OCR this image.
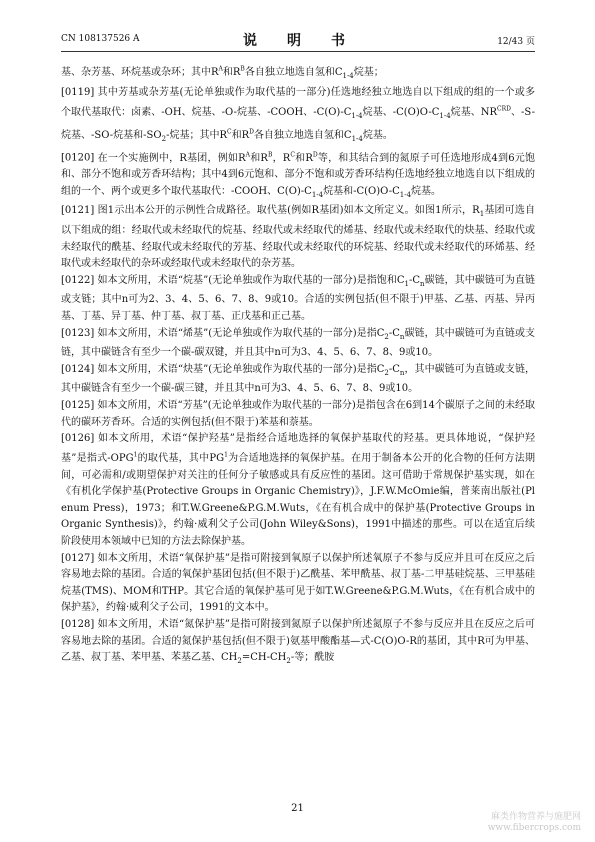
CN 108137526 A	说　明　书	12/43 页

基、杂芳基、环烷基或杂环；其中$R^A$和$R^B$各自独立地选自氢和$C_{1-4}$烷基；

[0119] 其中芳基或杂芳基(无论单独或作为取代基的一部分)任选地经独立地选自以下组成的组的一个或多个取代基取代：卤素、-OH、烷基、-O-烷基、-COOH、$-C(O)-C_{1-4}$烷基、$-C(O)O-C_{1-4}$烷基、$NR^{CRD}$、-S-烷基、-SO-烷基和$-SO_2-$烷基；其中$R^C$和$R^D$各自独立地选自氢和$C_{1-4}$烷基。

[0120] 在一个实施例中，R基团，例如$R^A$和$R^B$，$R^C$和$R^D$等，和其结合到的氮原子可任选地形成4到6元饱和、部分不饱和或芳香环结构；其中4到6元饱和、部分不饱和或芳香环结构任选地经独立地选自以下组成的组的一个、两个或更多个取代基取代：-COOH、$C(O)-C_{1-4}$烷基和$-C(O)O-C_{1-4}$烷基。

[0121] 图1示出本公开的示例性合成路径。取代基(例如R基团)如本文所定义。如图1所示，$R_1$基团可选自以下组成的组：经取代或未经取代的烷基、经取代或未经取代的烯基、经取代或未经取代的炔基、经取代或未经取代的酰基、经取代或未经取代的芳基、经取代或未经取代的环烷基、经取代或未经取代的环烯基、经取代或未经取代的杂环或经取代或未经取代的杂芳基。

[0122] 如本文所用，术语“烷基”(无论单独或作为取代基的一部分)是指饱和$C_1-C_n$碳链，其中碳链可为直链或支链；其中n可为2、3、4、5、6、7、8、9或10。合适的实例包括(但不限于)甲基、乙基、丙基、异丙基、丁基、异丁基、仲丁基、叔丁基、正戊基和正己基。

[0123] 如本文所用，术语“烯基”(无论单独或作为取代基的一部分)是指$C_2-C_n$碳链，其中碳链可为直链或支链，其中碳链含有至少一个碳-碳双键，并且其中n可为3、4、5、6、7、8、9或10。

[0124] 如本文所用，术语“炔基”(无论单独或作为取代基的一部分)是指$C_2-C_n$，其中碳链可为直链或支链，其中碳链含有至少一个碳-碳三键，并且其中n可为3、4、5、6、7、8、9或10。

[0125] 如本文所用，术语“芳基”(无论单独或作为取代基的一部分)是指包含在6到14个碳原子之间的未经取代的碳环芳香环。合适的实例包括(但不限于)苯基和萘基。

[0126] 如本文所用，术语“保护羟基”是指经合适地选择的氧保护基取代的羟基。更具体地说，“保护羟基”是指式-OPG$^1$的取代基，其中$PG^1$为合适地选择的氧保护基。在用于制备本公开的化合物的任何方法期间，可必需和/或期望保护对关注的任何分子敏感或具有反应性的基团。这可借助于常规保护基实现，如在《有机化学保护基(Protective Groups in Organic Chemistry)》，J.F.W.McOmie编，普莱南出版社(Plenum Press)，1973；和T.W.Greene&P.G.M.Wuts，《在有机合成中的保护基(Protective Groups in Organic Synthesis)》，约翰·威利父子公司(John Wiley&Sons)，1991中描述的那些。可以在适宜后续阶段使用本领域中已知的方法去除保护基。

[0127] 如本文所用，术语“氧保护基”是指可附接到氧原子以保护所述氧原子不参与反应并且可在反应之后容易地去除的基团。合适的氧保护基团包括(但不限于)乙酰基、苯甲酰基、叔丁基-二甲基硅烷基、三甲基硅烷基(TMS)、MOM和THP。其它合适的氧保护基可见于如T.W.Greene&P.G.M.Wuts，《在有机合成中的保护基》，约翰·威利父子公司，1991的文本中。

[0128] 如本文所用，术语“氮保护基”是指可附接到氮原子以保护所述氮原子不参与反应并且在反应之后可容易地去除的基团。合适的氮保护基包括(但不限于)氨基甲酸酯基—式-C(O)O-R的基团，其中R可为甲基、乙基、叔丁基、苯甲基、苯基乙基、$CH_2=CH-CH_2-$等；酰胺

21
麻类作物营养与施肥网
www.fibercrops.com
